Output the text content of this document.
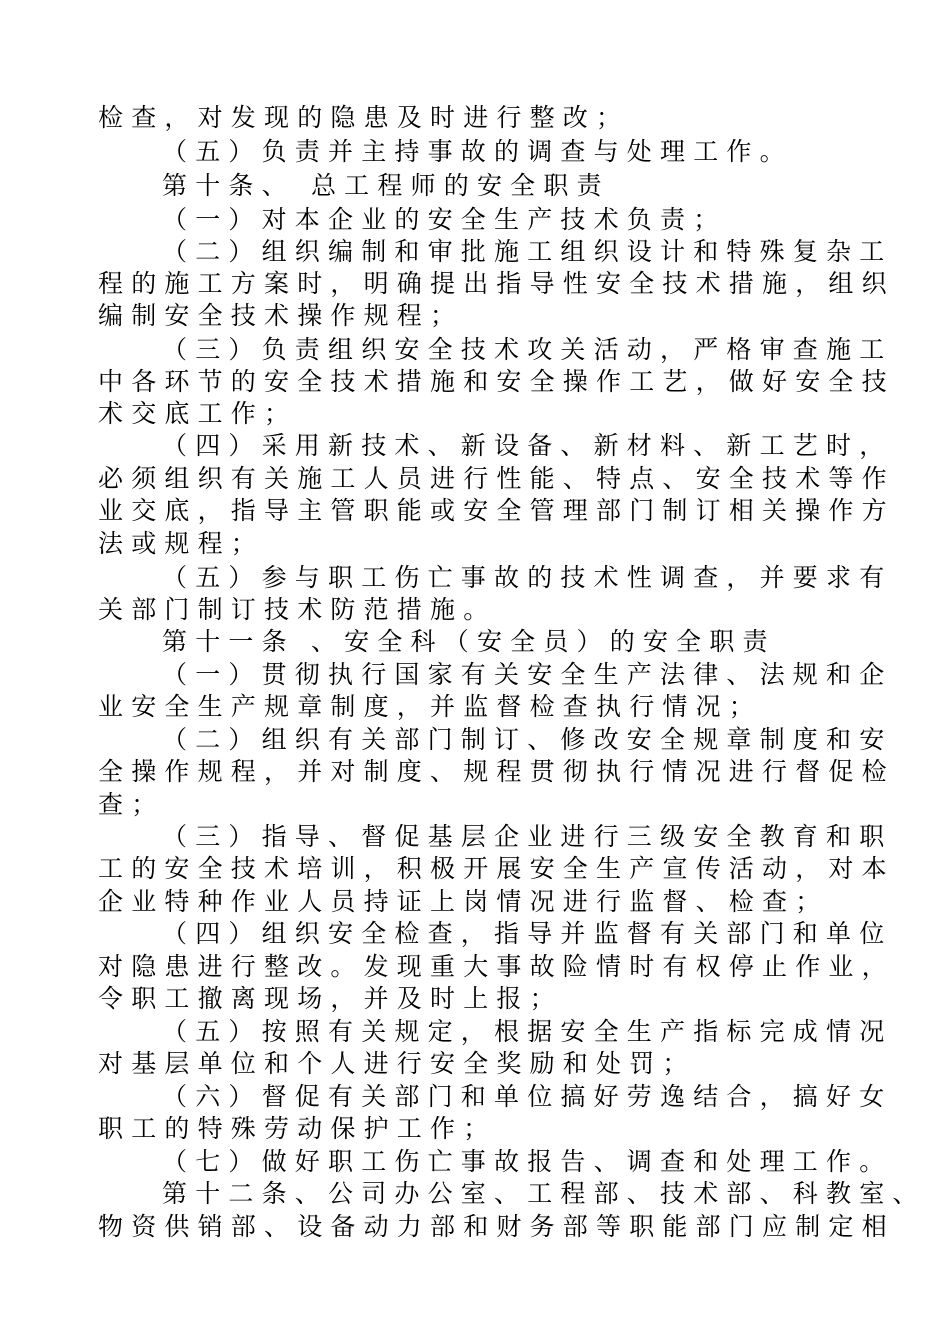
检查，对发现的隐患及时进行整改；
（五）负责并主持事故的调查与处理工作。
第十条、 总工程师的安全职责
（一）对本企业的安全生产技术负责；
（二）组织编制和审批施工组织设计和特殊复杂工
程的施工方案时，明确提出指导性安全技术措施，组织
编制安全技术操作规程；
（三）负责组织安全技术攻关活动，严格审查施工
中各环节的安全技术措施和安全操作工艺，做好安全技
术交底工作；
（四）采用新技术、新设备、新材料、新工艺时，
必须组织有关施工人员进行性能、特点、安全技术等作
业交底，指导主管职能或安全管理部门制订相关操作方
法或规程；
（五）参与职工伤亡事故的技术性调查，并要求有
关部门制订技术防范措施。
第十一条 、安全科（安全员）的安全职责
（一）贯彻执行国家有关安全生产法律、法规和企
业安全生产规章制度，并监督检查执行情况；
（二）组织有关部门制订、修改安全规章制度和安
全操作规程，并对制度、规程贯彻执行情况进行督促检
查；
（三）指导、督促基层企业进行三级安全教育和职
工的安全技术培训，积极开展安全生产宣传活动，对本
企业特种作业人员持证上岗情况进行监督、检查；
（四）组织安全检查，指导并监督有关部门和单位
对隐患进行整改。发现重大事故险情时有权停止作业，
令职工撤离现场，并及时上报；
（五）按照有关规定，根据安全生产指标完成情况
对基层单位和个人进行安全奖励和处罚；
（六）督促有关部门和单位搞好劳逸结合，搞好女
职工的特殊劳动保护工作；
（七）做好职工伤亡事故报告、调查和处理工作。
第十二条、公司办公室、工程部、技术部、科教室、
物资供销部、设备动力部和财务部等职能部门应制定相
